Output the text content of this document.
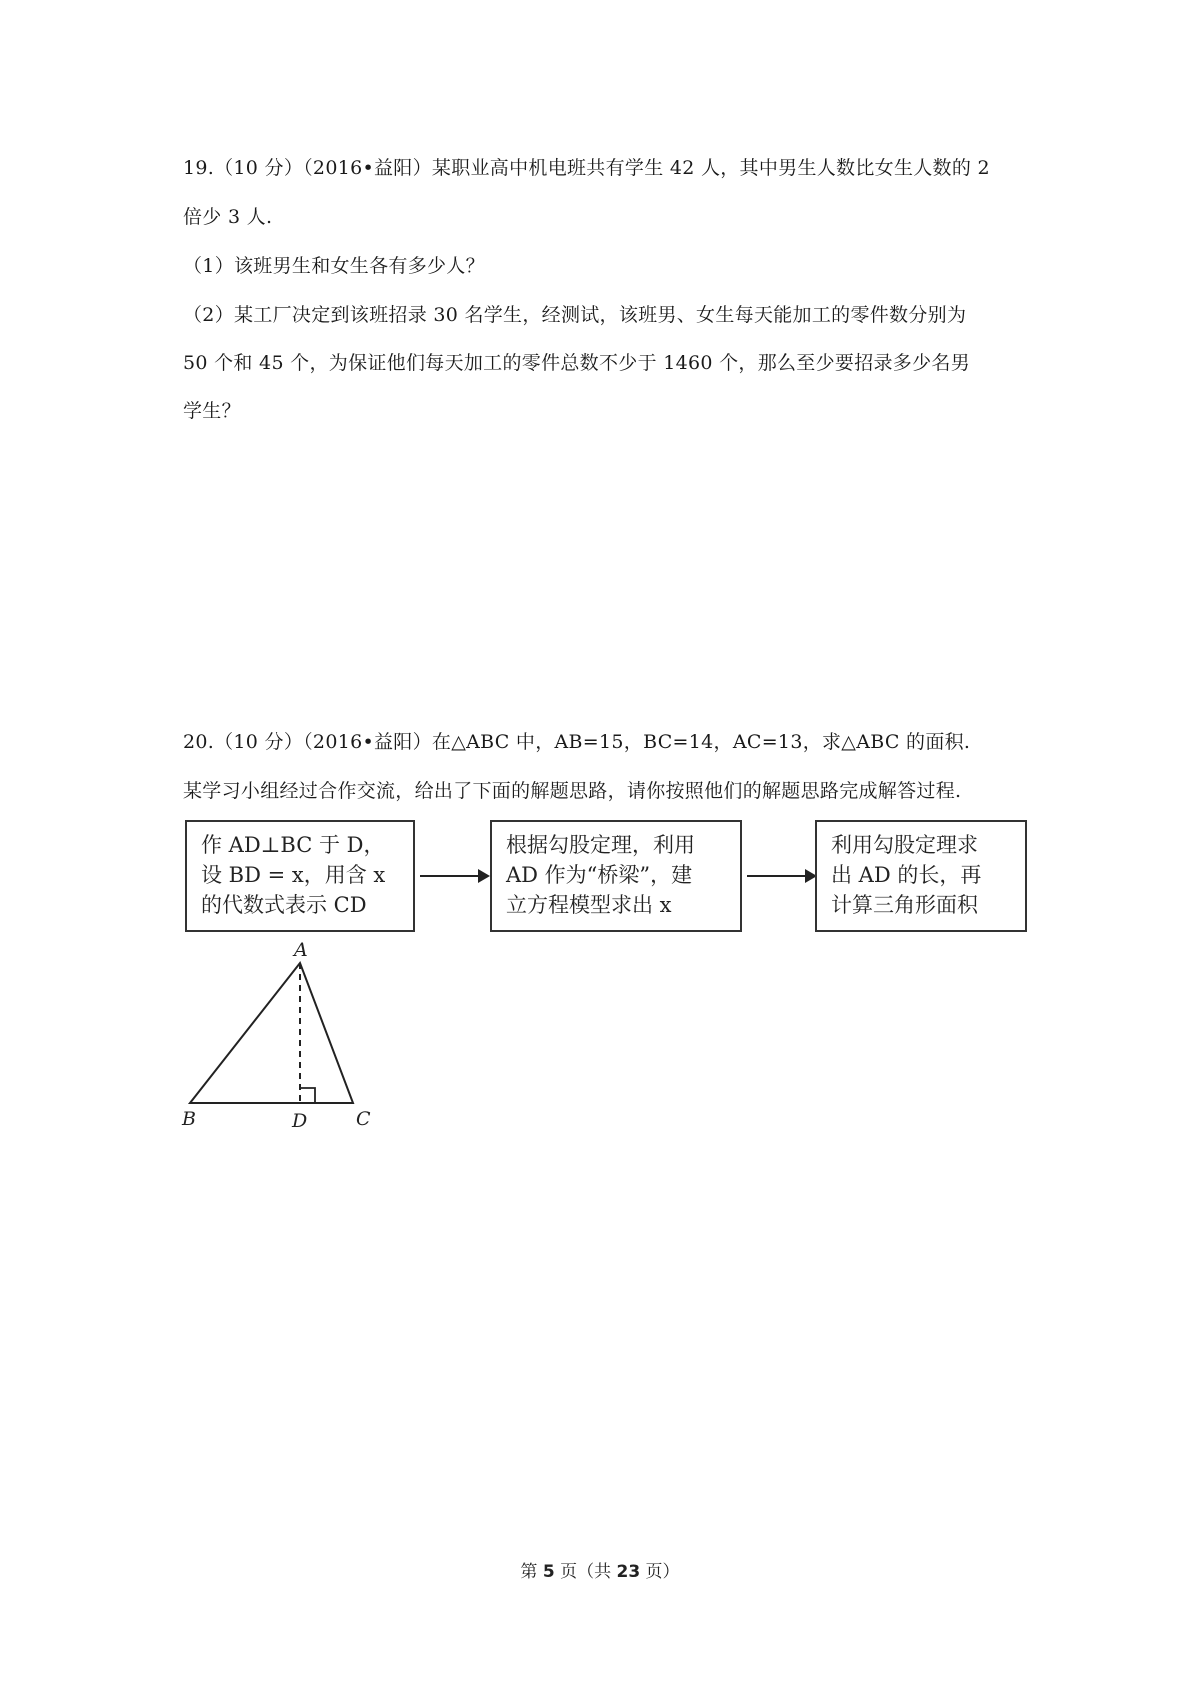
19.（10 分）（2016•益阳）某职业高中机电班共有学生 42 人，其中男生人数比女生人数的 2
倍少 3 人.
（1）该班男生和女生各有多少人？
（2）某工厂决定到该班招录 30 名学生，经测试，该班男、女生每天能加工的零件数分别为
50 个和 45 个，为保证他们每天加工的零件总数不少于 1460 个，那么至少要招录多少名男
学生？
20.（10 分）（2016•益阳）在△ABC 中，AB=15，BC=14，AC=13，求△ABC 的面积.
某学习小组经过合作交流，给出了下面的解题思路，请你按照他们的解题思路完成解答过程.
作 AD⊥BC 于 D，
设 BD = x，用含 x
的代数式表示 CD
根据勾股定理，利用
AD 作为“桥梁”，建
立方程模型求出 x
利用勾股定理求
出 AD 的长，再
计算三角形面积
A
B	D	C
第 5 页（共 23 页）
